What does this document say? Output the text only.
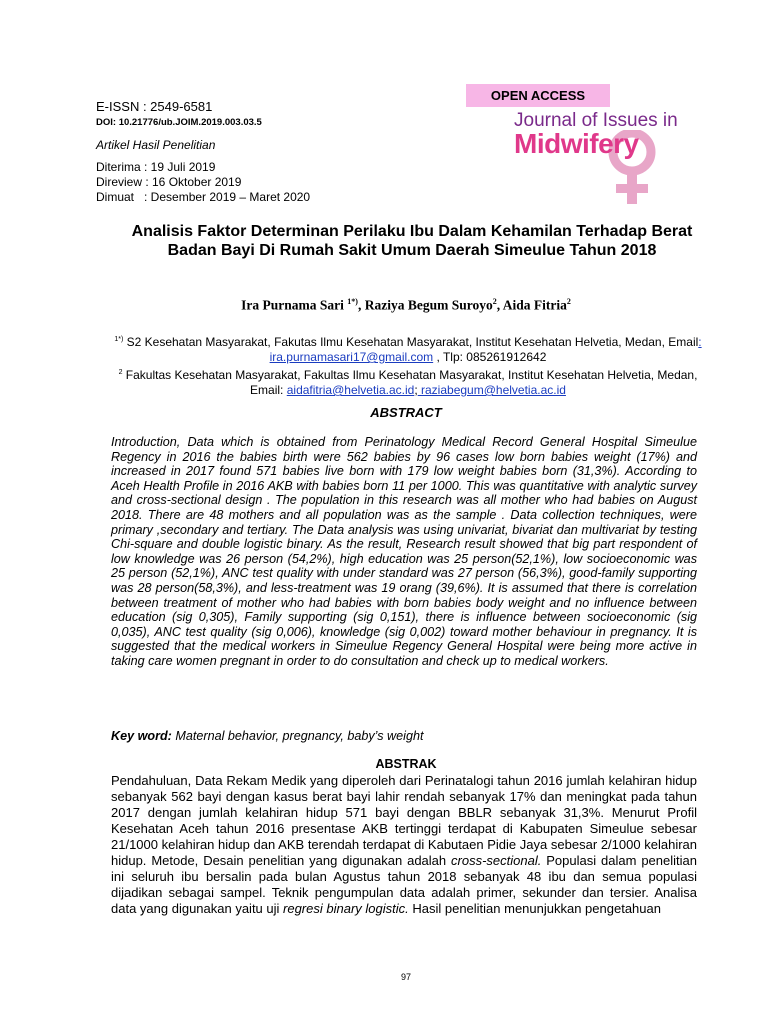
E-ISSN : 2549-6581
DOI: 10.21776/ub.JOIM.2019.003.03.5
Artikel Hasil Penelitian
Diterima : 19 Juli 2019
Direview : 16 Oktober 2019
Dimuat   : Desember 2019 – Maret 2020
OPEN ACCESS
Journal of Issues in
Midwifery
Analisis Faktor Determinan Perilaku Ibu Dalam Kehamilan Terhadap Berat Badan Bayi Di Rumah Sakit Umum Daerah Simeulue Tahun 2018
Ira Purnama Sari $^{1*)}$, Raziya Begum Suroyo$^2$, Aida Fitria$^2$
$^{1*)}$ S2 Kesehatan Masyarakat, Fakutas Ilmu Kesehatan Masyarakat, Institut Kesehatan Helvetia, Medan, Email: ira.purnamasari17@gmail.com , Tlp: 085261912642
$^2$ Fakultas Kesehatan Masyarakat, Fakultas Ilmu Kesehatan Masyarakat, Institut Kesehatan Helvetia, Medan, Email: aidafitria@helvetia.ac.id; raziabegum@helvetia.ac.id
ABSTRACT
Introduction, Data which is obtained from Perinatology Medical Record General Hospital Simeulue Regency in 2016 the babies birth were 562 babies by 96 cases low born babies weight (17%) and increased in 2017 found 571 babies live born with 179 low weight babies born (31,3%). According to Aceh Health Profile in 2016 AKB with babies born 11 per 1000. This was quantitative with analytic survey and cross-sectional design . The population in this research was all mother who had babies on August 2018. There are 48 mothers and all population was as the sample . Data collection techniques, were primary ,secondary and tertiary. The Data analysis was using univariat, bivariat dan multivariat by testing Chi-square and double logistic binary. As the result, Research result showed that big part respondent of low knowledge was 26 person (54,2%), high education was 25 person(52,1%), low socioeconomic was 25 person (52,1%), ANC test quality with under standard was 27 person (56,3%), good-family supporting was 28 person(58,3%), and less-treatment was 19 orang (39,6%). It is assumed that there is correlation between treatment of mother who had babies with born babies body weight and no influence between education (sig 0,305), Family supporting (sig 0,151), there is influence between socioeconomic (sig 0,035), ANC test quality (sig 0,006), knowledge (sig 0,002) toward mother behaviour in pregnancy. It is suggested that the medical workers in Simeulue Regency General Hospital were being more active in taking care women pregnant in order to do consultation and check up to medical workers.
Key word: Maternal behavior, pregnancy, baby’s weight
ABSTRAK
Pendahuluan, Data Rekam Medik yang diperoleh dari Perinatalogi tahun 2016 jumlah kelahiran hidup sebanyak 562 bayi dengan kasus berat bayi lahir rendah sebanyak 17% dan meningkat pada tahun 2017 dengan jumlah kelahiran hidup 571 bayi dengan BBLR sebanyak 31,3%. Menurut Profil Kesehatan Aceh tahun 2016 presentase AKB tertinggi terdapat di Kabupaten Simeulue sebesar 21/1000 kelahiran hidup dan AKB terendah terdapat di Kabutaen Pidie Jaya sebesar 2/1000 kelahiran hidup. Metode, Desain penelitian yang digunakan adalah cross-sectional. Populasi dalam penelitian ini seluruh ibu bersalin pada bulan Agustus tahun 2018 sebanyak 48 ibu dan semua populasi dijadikan sebagai sampel. Teknik pengumpulan data adalah primer, sekunder dan tersier. Analisa data yang digunakan yaitu uji regresi binary logistic. Hasil penelitian menunjukkan pengetahuan
97
